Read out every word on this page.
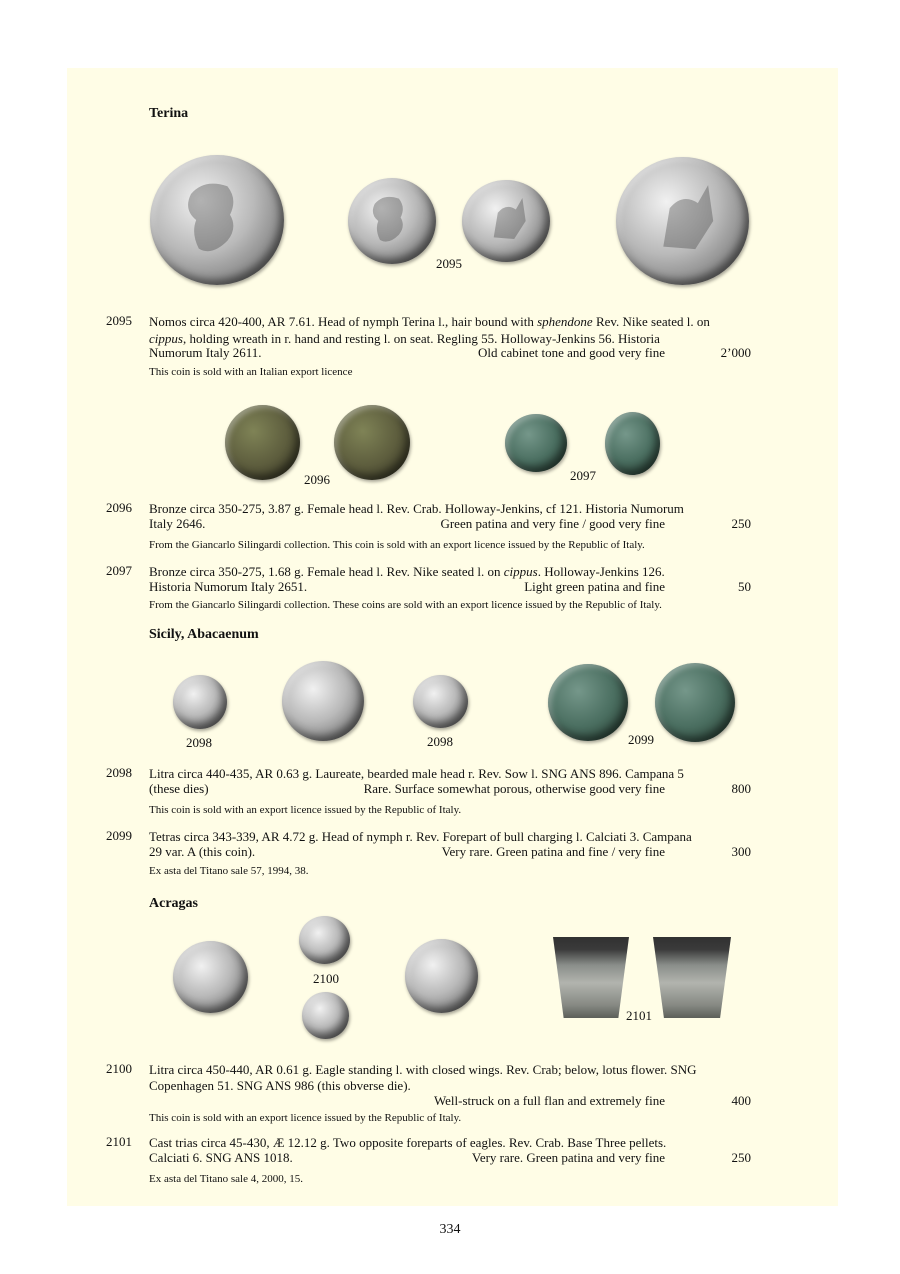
Terina
2095
2095 Nomos circa 420-400, AR 7.61. Head of nymph Terina l., hair bound with sphendone Rev. Nike seated l. on
cippus, holding wreath in r. hand and resting l. on seat. Regling 55. Holloway-Jenkins 56. Historia
Numorum Italy 2611.	Old cabinet tone and good very fine	2’000
This coin is sold with an Italian export licence
2096	2097
2096 Bronze circa 350-275, 3.87 g. Female head l. Rev. Crab. Holloway-Jenkins, cf 121. Historia Numorum
Italy 2646.	Green patina and very fine / good very fine	250
From the Giancarlo Silingardi collection. This coin is sold with an export licence issued by the Republic of Italy.
2097 Bronze circa 350-275, 1.68 g. Female head l. Rev. Nike seated l. on cippus. Holloway-Jenkins 126.
Historia Numorum Italy 2651.	Light green patina and fine	50
From the Giancarlo Silingardi collection. These coins are sold with an export licence issued by the Republic of Italy.
Sicily, Abacaenum
2098	2098	2099
2098 Litra circa 440-435, AR 0.63 g. Laureate, bearded male head r. Rev. Sow l. SNG ANS 896. Campana 5
(these dies)	Rare. Surface somewhat porous, otherwise good very fine	800
This coin is sold with an export licence issued by the Republic of Italy.
2099 Tetras circa 343-339, AR 4.72 g. Head of nymph r. Rev. Forepart of bull charging l. Calciati 3. Campana
29 var. A (this coin).	Very rare. Green patina and fine / very fine	300
Ex asta del Titano sale 57, 1994, 38.
Acragas
2100
2101
2100 Litra circa 450-440, AR 0.61 g. Eagle standing l. with closed wings. Rev. Crab; below, lotus flower. SNG
Copenhagen 51. SNG ANS 986 (this obverse die).
Well-struck on a full flan and extremely fine	400
This coin is sold with an export licence issued by the Republic of Italy.
2101 Cast trias circa 45-430, Æ 12.12 g. Two opposite foreparts of eagles. Rev. Crab. Base Three pellets.
Calciati 6. SNG ANS 1018.	Very rare. Green patina and very fine	250
Ex asta del Titano sale 4, 2000, 15.
334
